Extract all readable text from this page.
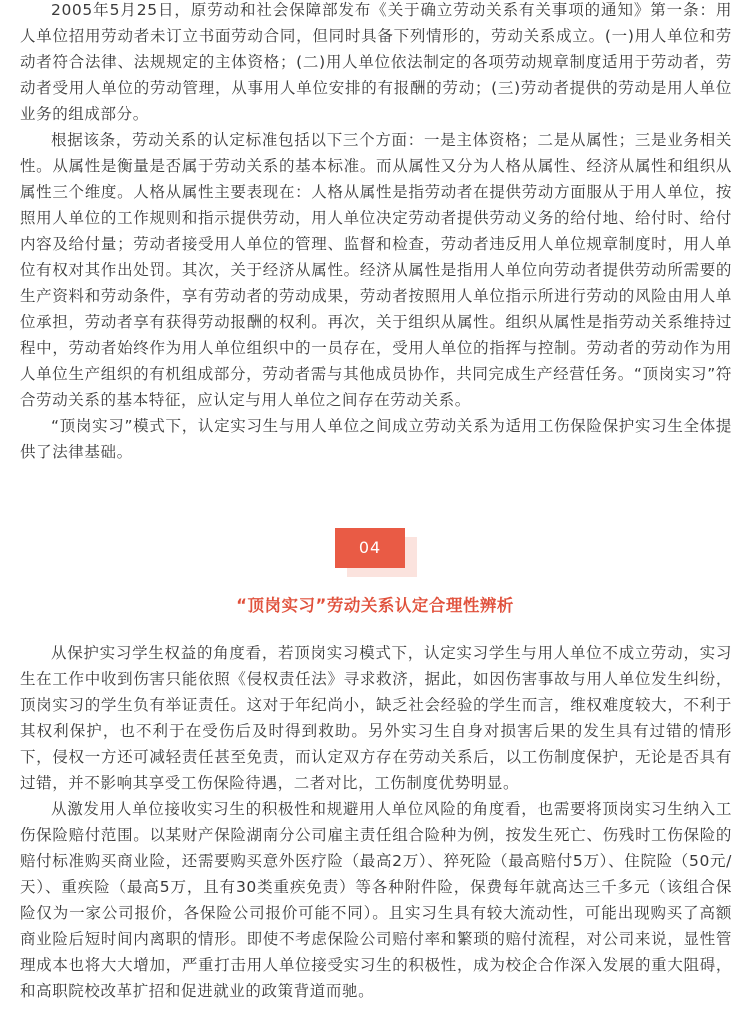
2005年5月25日，原劳动和社会保障部发布《关于确立劳动关系有关事项的通知》第一条：用人单位招用劳动者未订立书面劳动合同，但同时具备下列情形的，劳动关系成立。(一)用人单位和劳动者符合法律、法规规定的主体资格；(二)用人单位依法制定的各项劳动规章制度适用于劳动者，劳动者受用人单位的劳动管理，从事用人单位安排的有报酬的劳动；(三)劳动者提供的劳动是用人单位业务的组成部分。

根据该条，劳动关系的认定标准包括以下三个方面：一是主体资格；二是从属性；三是业务相关性。从属性是衡量是否属于劳动关系的基本标准。而从属性又分为人格从属性、经济从属性和组织从属性三个维度。人格从属性主要表现在：人格从属性是指劳动者在提供劳动方面服从于用人单位，按照用人单位的工作规则和指示提供劳动，用人单位决定劳动者提供劳动义务的给付地、给付时、给付内容及给付量；劳动者接受用人单位的管理、监督和检查，劳动者违反用人单位规章制度时，用人单位有权对其作出处罚。其次，关于经济从属性。经济从属性是指用人单位向劳动者提供劳动所需要的生产资料和劳动条件，享有劳动者的劳动成果，劳动者按照用人单位指示所进行劳动的风险由用人单位承担，劳动者享有获得劳动报酬的权利。再次，关于组织从属性。组织从属性是指劳动关系维持过程中，劳动者始终作为用人单位组织中的一员存在，受用人单位的指挥与控制。劳动者的劳动作为用人单位生产组织的有机组成部分，劳动者需与其他成员协作，共同完成生产经营任务。“顶岗实习”符合劳动关系的基本特征，应认定与用人单位之间存在劳动关系。

“顶岗实习”模式下，认定实习生与用人单位之间成立劳动关系为适用工伤保险保护实习生全体提供了法律基础。

04
“顶岗实习”劳动关系认定合理性辨析

从保护实习学生权益的角度看，若顶岗实习模式下，认定实习学生与用人单位不成立劳动，实习生在工作中收到伤害只能依照《侵权责任法》寻求救济，据此，如因伤害事故与用人单位发生纠纷，顶岗实习的学生负有举证责任。这对于年纪尚小，缺乏社会经验的学生而言，维权难度较大，不利于其权利保护，也不利于在受伤后及时得到救助。另外实习生自身对损害后果的发生具有过错的情形下，侵权一方还可减轻责任甚至免责，而认定双方存在劳动关系后，以工伤制度保护，无论是否具有过错，并不影响其享受工伤保险待遇，二者对比，工伤制度优势明显。

从激发用人单位接收实习生的积极性和规避用人单位风险的角度看，也需要将顶岗实习生纳入工伤保险赔付范围。以某财产保险湖南分公司雇主责任组合险种为例，按发生死亡、伤残时工伤保险的赔付标准购买商业险，还需要购买意外医疗险（最高2万）、猝死险（最高赔付5万）、住院险（50元/天）、重疾险（最高5万，且有30类重疾免责）等各种附件险，保费每年就高达三千多元（该组合保险仅为一家公司报价，各保险公司报价可能不同）。且实习生具有较大流动性，可能出现购买了高额商业险后短时间内离职的情形。即使不考虑保险公司赔付率和繁琐的赔付流程，对公司来说，显性管理成本也将大大增加，严重打击用人单位接受实习生的积极性，成为校企合作深入发展的重大阻碍，和高职院校改革扩招和促进就业的政策背道而驰。
